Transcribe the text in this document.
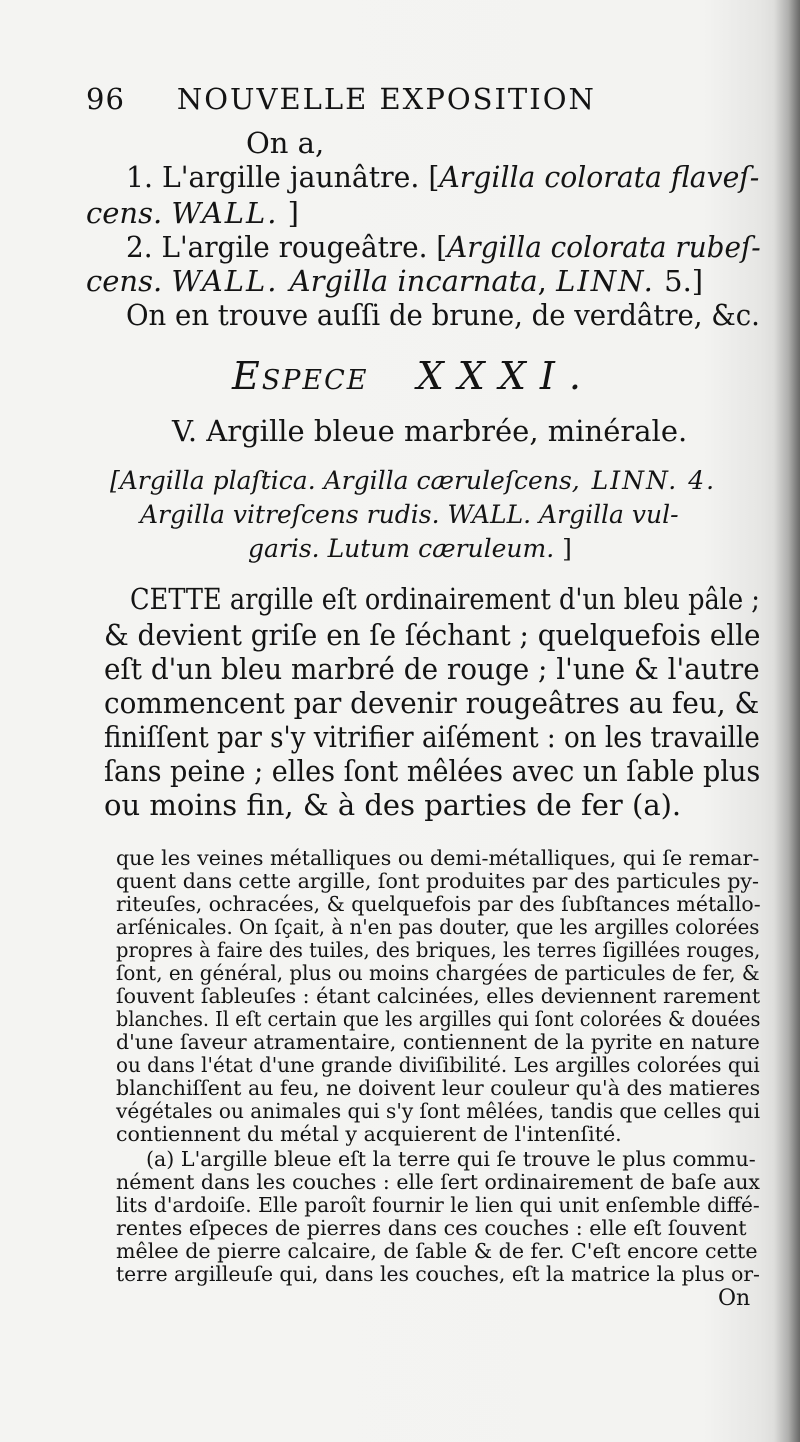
96 NOUVELLE EXPOSITION
On a,
1. L'argille jaunâtre. [Argilla colorata flaveſ-
cens. WALL. ]
2. L'argile rougeâtre. [Argilla colorata rubeſ-
cens. WALL. Argilla incarnata, LINN. 5.]
On en trouve auſſi de brune, de verdâtre, &c.
Espece XXXI.
V. Argille bleue marbrée, minérale.
[Argilla plaſtica. Argilla cæruleſcens, LINN. 4.
Argilla vitreſcens rudis. WALL. Argilla vul-
garis. Lutum cæruleum. ]
CETTE argille eſt ordinairement d'un bleu pâle ;
& devient griſe en ſe ſéchant ; quelquefois elle
eſt d'un bleu marbré de rouge ; l'une & l'autre
commencent par devenir rougeâtres au feu, &
finiſſent par s'y vitrifier aiſément : on les travaille
ſans peine ; elles ſont mêlées avec un ſable plus
ou moins fin, & à des parties de fer (a).
que les veines métalliques ou demi-métalliques, qui ſe remar-
quent dans cette argille, ſont produites par des particules py-
riteuſes, ochracées, & quelquefois par des ſubſtances métallo-
arſénicales. On ſçait, à n'en pas douter, que les argilles colorées
propres à faire des tuiles, des briques, les terres ſigillées rouges,
ſont, en général, plus ou moins chargées de particules de fer, &
ſouvent ſableuſes : étant calcinées, elles deviennent rarement
blanches. Il eſt certain que les argilles qui ſont colorées & douées
d'une ſaveur atramentaire, contiennent de la pyrite en nature
ou dans l'état d'une grande diviſibilité. Les argilles colorées qui
blanchiſſent au feu, ne doivent leur couleur qu'à des matieres
végétales ou animales qui s'y ſont mêlées, tandis que celles qui
contiennent du métal y acquierent de l'intenſité.
(a) L'argille bleue eſt la terre qui ſe trouve le plus commu-
nément dans les couches : elle ſert ordinairement de baſe aux
lits d'ardoiſe. Elle paroît fournir le lien qui unit enſemble diffé-
rentes eſpeces de pierres dans ces couches : elle eſt ſouvent
mêlee de pierre calcaire, de ſable & de fer. C'eſt encore cette
terre argilleuſe qui, dans les couches, eſt la matrice la plus or-
On
